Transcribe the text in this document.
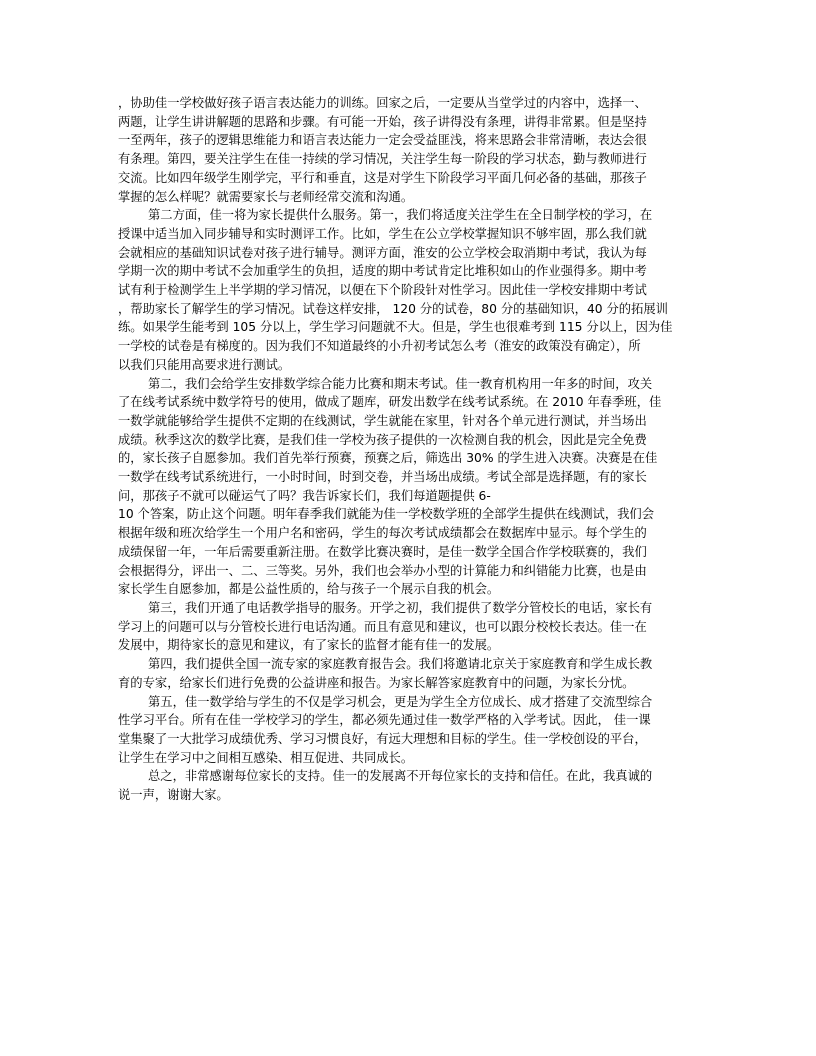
，协助佳一学校做好孩子语言表达能力的训练。回家之后，一定要从当堂学过的内容中，选择一、
两题，让学生讲讲解题的思路和步骤。有可能一开始，孩子讲得没有条理，讲得非常累。但是坚持
一至两年，孩子的逻辑思维能力和语言表达能力一定会受益匪浅，将来思路会非常清晰，表达会很
有条理。第四，要关注学生在佳一持续的学习情况，关注学生每一阶段的学习状态，勤与教师进行
交流。比如四年级学生刚学完，平行和垂直，这是对学生下阶段学习平面几何必备的基础，那孩子
掌握的怎么样呢？就需要家长与老师经常交流和沟通。
第二方面，佳一将为家长提供什么服务。第一，我们将适度关注学生在全日制学校的学习，在
授课中适当加入同步辅导和实时测评工作。比如，学生在公立学校掌握知识不够牢固，那么我们就
会就相应的基础知识试卷对孩子进行辅导。测评方面，淮安的公立学校会取消期中考试，我认为每
学期一次的期中考试不会加重学生的负担，适度的期中考试肯定比堆积如山的作业强得多。期中考
试有利于检测学生上半学期的学习情况，以便在下个阶段针对性学习。因此佳一学校安排期中考试
，帮助家长了解学生的学习情况。试卷这样安排， 120 分的试卷，80 分的基础知识，40 分的拓展训
练。如果学生能考到 105 分以上，学生学习问题就不大。但是，学生也很难考到 115 分以上，因为佳
一学校的试卷是有梯度的。因为我们不知道最终的小升初考试怎么考（淮安的政策没有确定），所
以我们只能用高要求进行测试。
第二，我们会给学生安排数学综合能力比赛和期末考试。佳一教育机构用一年多的时间，攻关
了在线考试系统中数学符号的使用，做成了题库，研发出数学在线考试系统。在 2010 年春季班，佳
一数学就能够给学生提供不定期的在线测试，学生就能在家里，针对各个单元进行测试，并当场出
成绩。秋季这次的数学比赛，是我们佳一学校为孩子提供的一次检测自我的机会，因此是完全免费
的，家长孩子自愿参加。我们首先举行预赛，预赛之后，筛选出 30% 的学生进入决赛。决赛是在佳
一数学在线考试系统进行，一小时时间，时到交卷，并当场出成绩。考试全部是选择题，有的家长
问，那孩子不就可以碰运气了吗？我告诉家长们，我们每道题提供 6-
10 个答案，防止这个问题。明年春季我们就能为佳一学校数学班的全部学生提供在线测试，我们会
根据年级和班次给学生一个用户名和密码，学生的每次考试成绩都会在数据库中显示。每个学生的
成绩保留一年，一年后需要重新注册。在数学比赛决赛时，是佳一数学全国合作学校联赛的，我们
会根据得分，评出一、二、三等奖。另外，我们也会举办小型的计算能力和纠错能力比赛，也是由
家长学生自愿参加，都是公益性质的，给与孩子一个展示自我的机会。
第三，我们开通了电话教学指导的服务。开学之初，我们提供了数学分管校长的电话，家长有
学习上的问题可以与分管校长进行电话沟通。而且有意见和建议，也可以跟分校校长表达。佳一在
发展中，期待家长的意见和建议，有了家长的监督才能有佳一的发展。
第四，我们提供全国一流专家的家庭教育报告会。我们将邀请北京关于家庭教育和学生成长教
育的专家，给家长们进行免费的公益讲座和报告。为家长解答家庭教育中的问题，为家长分忧。
第五，佳一数学给与学生的不仅是学习机会，更是为学生全方位成长、成才搭建了交流型综合
性学习平台。所有在佳一学校学习的学生，都必须先通过佳一数学严格的入学考试。因此， 佳一课
堂集聚了一大批学习成绩优秀、学习习惯良好，有远大理想和目标的学生。佳一学校创设的平台，
让学生在学习中之间相互感染、相互促进、共同成长。
总之，非常感谢每位家长的支持。佳一的发展离不开每位家长的支持和信任。在此，我真诚的
说一声，谢谢大家。
